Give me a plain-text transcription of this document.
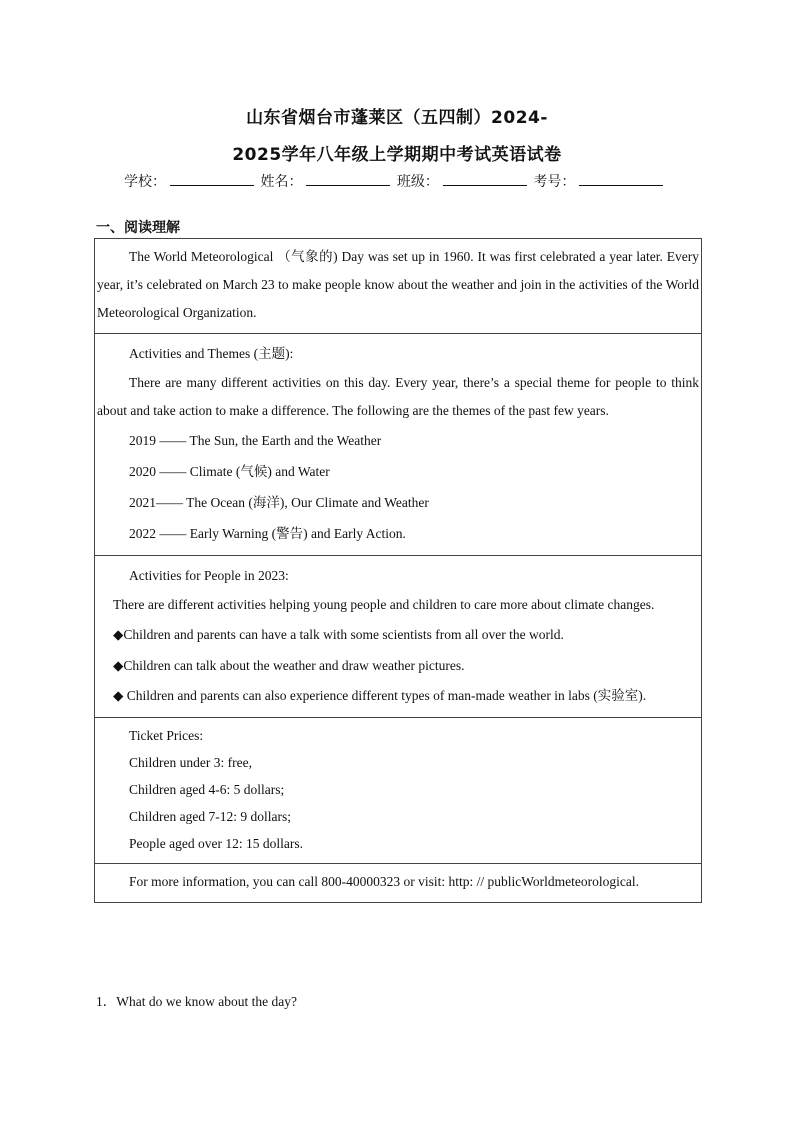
山东省烟台市蓬莱区（五四制）2024-
2025学年八年级上学期期中考试英语试卷
学校：	姓名：	班级：	考号：
一、阅读理解

The World Meteorological （气象的) Day was set up in 1960. It was first celebrated a year later. Every year, it’s celebrated on March 23 to make people know about the weather and join in the activities of the World Meteorological Organization.

Activities and Themes (主题):

There are many different activities on this day. Every year, there’s a special theme for people to think about and take action to make a difference. The following are the themes of the past few years.

2019 —— The Sun, the Earth and the Weather

2020 —— Climate (气候) and Water

2021—— The Ocean (海洋), Our Climate and Weather

2022 —— Early Warning (警告) and Early Action.

Activities for People in 2023:

There are different activities helping young people and children to care more about climate changes.

◆Children and parents can have a talk with some scientists from all over the world.

◆Children can talk about the weather and draw weather pictures.

◆ Children and parents can also experience different types of man-made weather in labs (实验室).

Ticket Prices:

Children under 3: free,

Children aged 4-6: 5 dollars;

Children aged 7-12: 9 dollars;

People aged over 12: 15 dollars.

For more information, you can call 800-40000323 or visit: http: // publicWorldmeteorological.

1．What do we know about the day?
